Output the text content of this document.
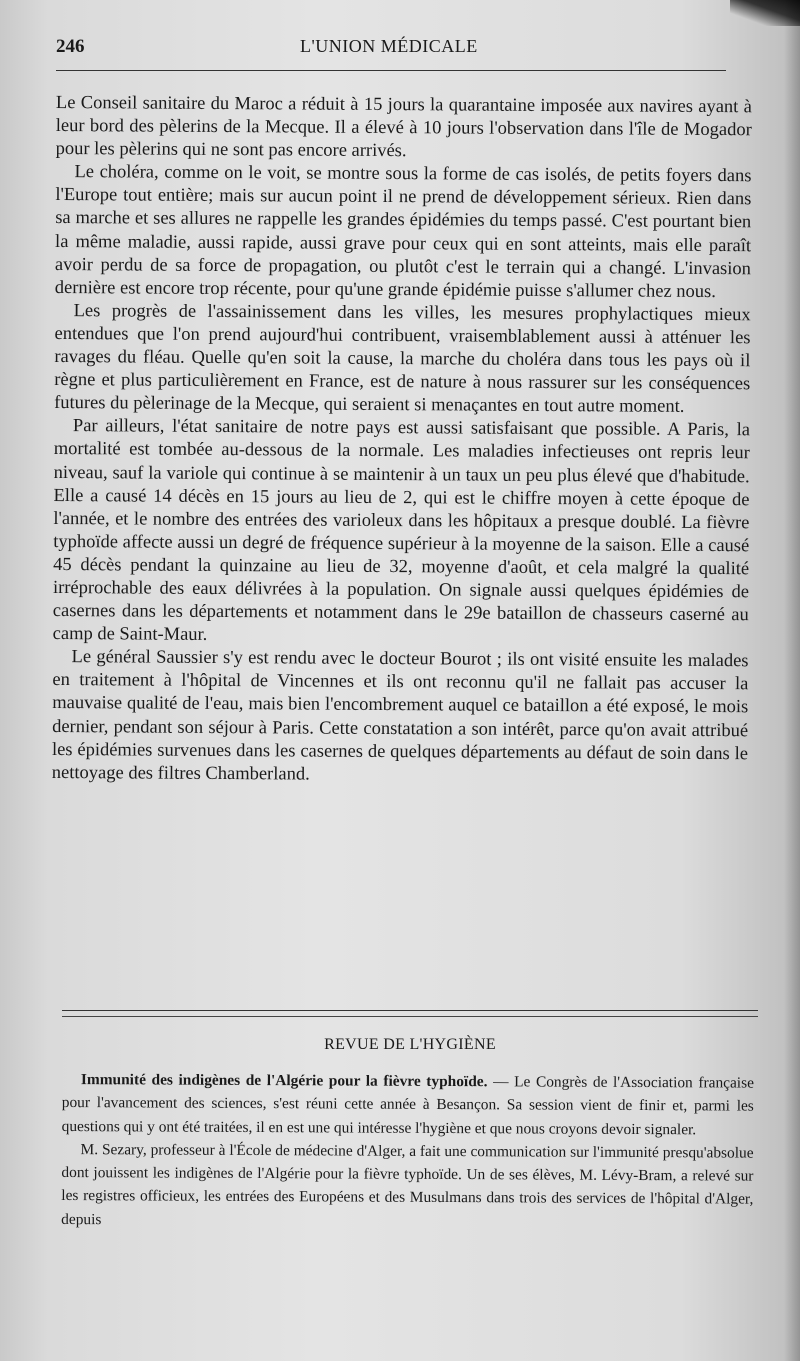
246	L'UNION MÉDICALE

Le Conseil sanitaire du Maroc a réduit à 15 jours la quarantaine imposée aux navires ayant à leur bord des pèlerins de la Mecque. Il a élevé à 10 jours l'observation dans l'île de Mogador pour les pèlerins qui ne sont pas encore arrivés.

Le choléra, comme on le voit, se montre sous la forme de cas isolés, de petits foyers dans l'Europe tout entière; mais sur aucun point il ne prend de développement sérieux. Rien dans sa marche et ses allures ne rappelle les grandes épidémies du temps passé. C'est pourtant bien la même maladie, aussi rapide, aussi grave pour ceux qui en sont atteints, mais elle paraît avoir perdu de sa force de propagation, ou plutôt c'est le terrain qui a changé. L'invasion dernière est encore trop récente, pour qu'une grande épidémie puisse s'allumer chez nous.

Les progrès de l'assainissement dans les villes, les mesures prophylactiques mieux entendues que l'on prend aujourd'hui contribuent, vraisemblablement aussi à atténuer les ravages du fléau. Quelle qu'en soit la cause, la marche du choléra dans tous les pays où il règne et plus particulièrement en France, est de nature à nous rassurer sur les conséquences futures du pèlerinage de la Mecque, qui seraient si menaçantes en tout autre moment.

Par ailleurs, l'état sanitaire de notre pays est aussi satisfaisant que possible. A Paris, la mortalité est tombée au-dessous de la normale. Les maladies infectieuses ont repris leur niveau, sauf la variole qui continue à se maintenir à un taux un peu plus élevé que d'habitude. Elle a causé 14 décès en 15 jours au lieu de 2, qui est le chiffre moyen à cette époque de l'année, et le nombre des entrées des varioleux dans les hôpitaux a presque doublé. La fièvre typhoïde affecte aussi un degré de fréquence supérieur à la moyenne de la saison. Elle a causé 45 décès pendant la quinzaine au lieu de 32, moyenne d'août, et cela malgré la qualité irréprochable des eaux délivrées à la population. On signale aussi quelques épidémies de casernes dans les départements et notamment dans le 29e bataillon de chasseurs caserné au camp de Saint-Maur.

Le général Saussier s'y est rendu avec le docteur Bourot ; ils ont visité ensuite les malades en traitement à l'hôpital de Vincennes et ils ont reconnu qu'il ne fallait pas accuser la mauvaise qualité de l'eau, mais bien l'encombrement auquel ce bataillon a été exposé, le mois dernier, pendant son séjour à Paris. Cette constatation a son intérêt, parce qu'on avait attribué les épidémies survenues dans les casernes de quelques départements au défaut de soin dans le nettoyage des filtres Chamberland.

REVUE DE L'HYGIÈNE

Immunité des indigènes de l'Algérie pour la fièvre typhoïde. — Le Congrès de l'Association française pour l'avancement des sciences, s'est réuni cette année à Besançon. Sa session vient de finir et, parmi les questions qui y ont été traitées, il en est une qui intéresse l'hygiène et que nous croyons devoir signaler.

M. Sezary, professeur à l'École de médecine d'Alger, a fait une communication sur l'immunité presqu'absolue dont jouissent les indigènes de l'Algérie pour la fièvre typhoïde. Un de ses élèves, M. Lévy-Bram, a relevé sur les registres officieux, les entrées des Européens et des Musulmans dans trois des services de l'hôpital d'Alger, depuis
